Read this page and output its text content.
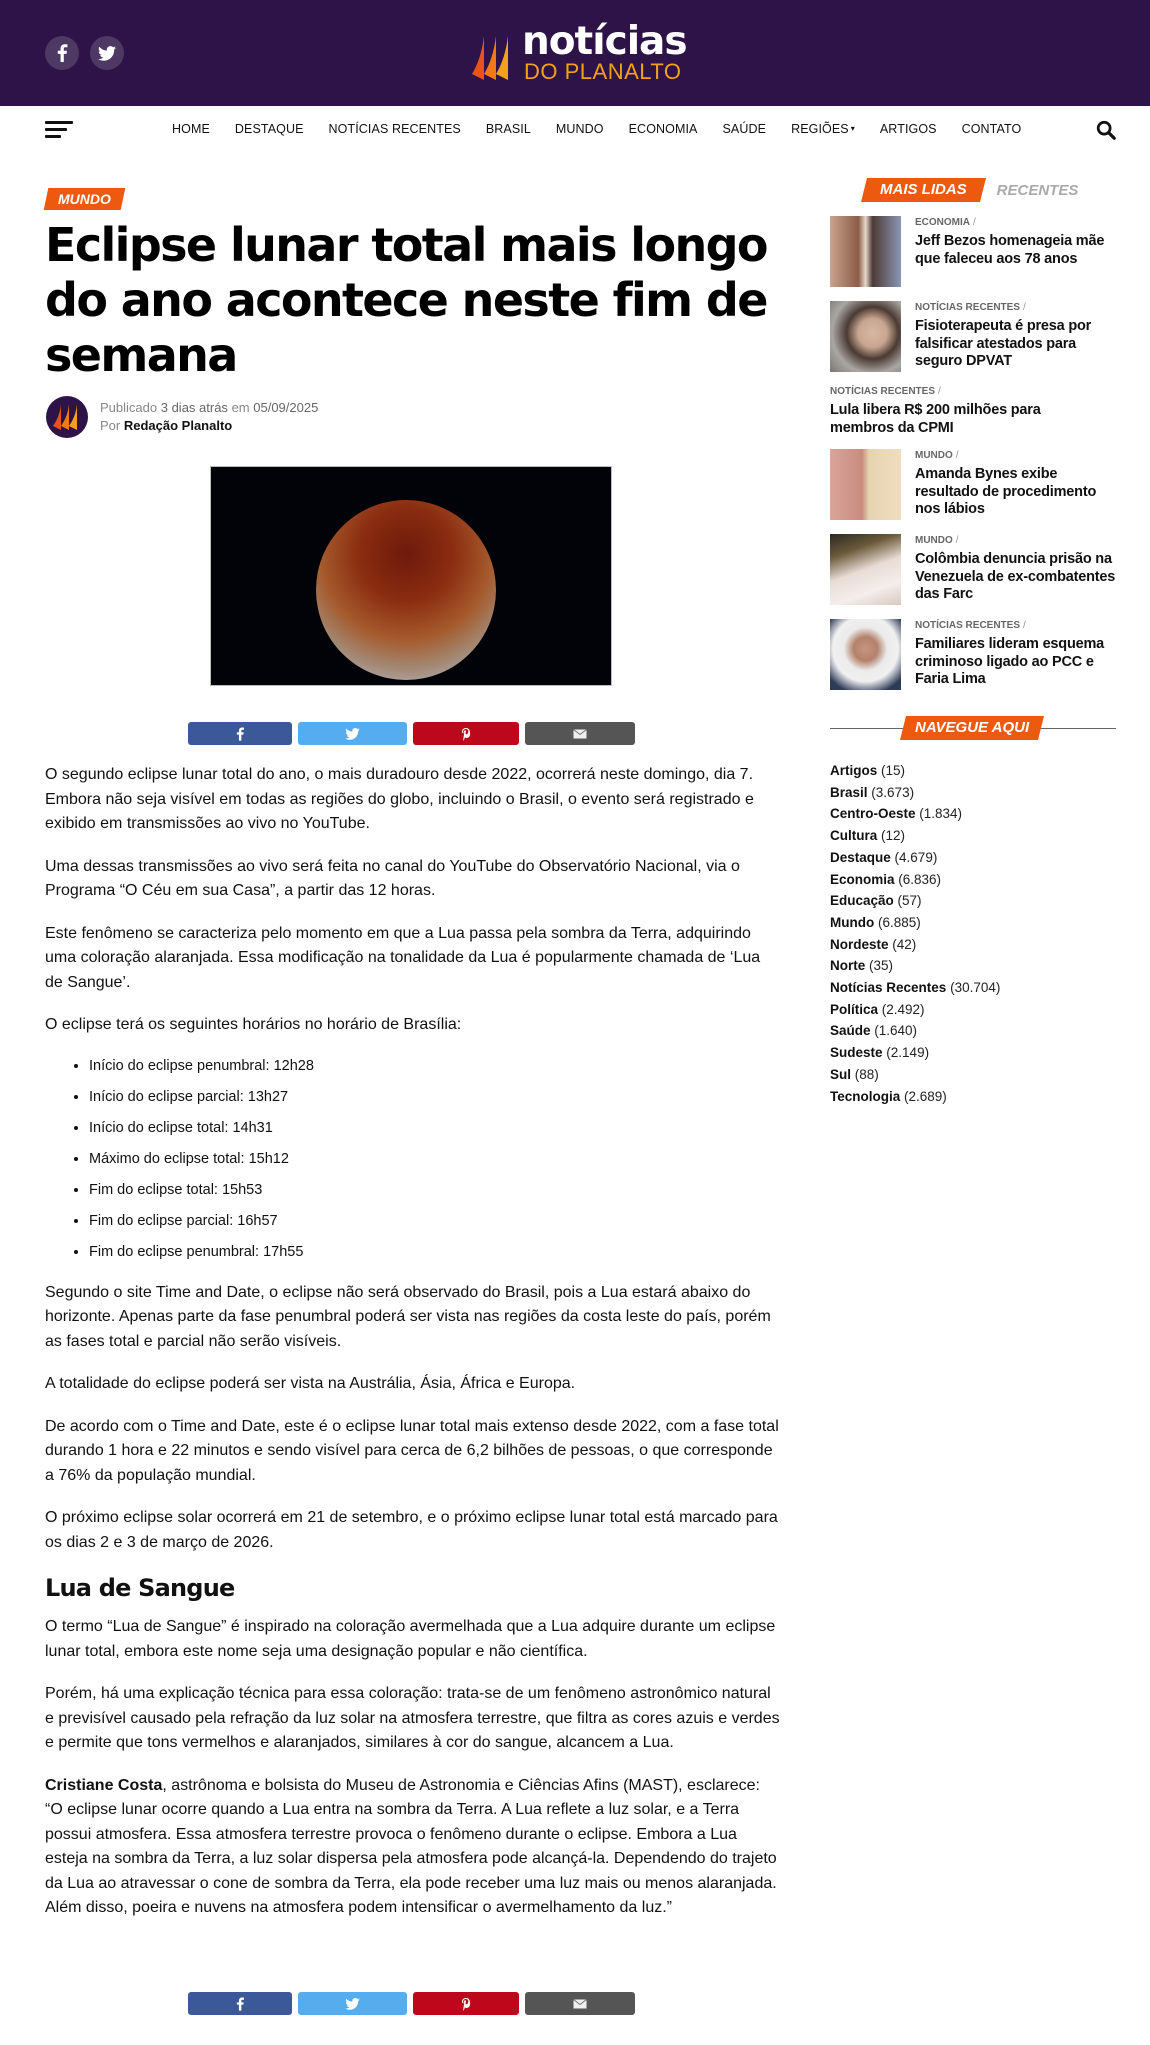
notícias
DO PLANALTO
HOME DESTAQUE NOTÍCIAS RECENTES BRASIL MUNDO ECONOMIA SAÚDE REGIÕES ▾ ARTIGOS CONTATO
MUNDO
Eclipse lunar total mais longo do ano acontece neste fim de semana
Publicado 3 dias atrás em 05/09/2025
Por Redação Planalto

O segundo eclipse lunar total do ano, o mais duradouro desde 2022, ocorrerá neste domingo, dia 7. Embora não seja visível em todas as regiões do globo, incluindo o Brasil, o evento será registrado e exibido em transmissões ao vivo no YouTube.

Uma dessas transmissões ao vivo será feita no canal do YouTube do Observatório Nacional, via o Programa “O Céu em sua Casa”, a partir das 12 horas.

Este fenômeno se caracteriza pelo momento em que a Lua passa pela sombra da Terra, adquirindo uma coloração alaranjada. Essa modificação na tonalidade da Lua é popularmente chamada de ‘Lua de Sangue’.

O eclipse terá os seguintes horários no horário de Brasília:

• Início do eclipse penumbral: 12h28
• Início do eclipse parcial: 13h27
• Início do eclipse total: 14h31
• Máximo do eclipse total: 15h12
• Fim do eclipse total: 15h53
• Fim do eclipse parcial: 16h57
• Fim do eclipse penumbral: 17h55

Segundo o site Time and Date, o eclipse não será observado do Brasil, pois a Lua estará abaixo do horizonte. Apenas parte da fase penumbral poderá ser vista nas regiões da costa leste do país, porém as fases total e parcial não serão visíveis.

A totalidade do eclipse poderá ser vista na Austrália, Ásia, África e Europa.

De acordo com o Time and Date, este é o eclipse lunar total mais extenso desde 2022, com a fase total durando 1 hora e 22 minutos e sendo visível para cerca de 6,2 bilhões de pessoas, o que corresponde a 76% da população mundial.

O próximo eclipse solar ocorrerá em 21 de setembro, e o próximo eclipse lunar total está marcado para os dias 2 e 3 de março de 2026.

Lua de Sangue

O termo “Lua de Sangue” é inspirado na coloração avermelhada que a Lua adquire durante um eclipse lunar total, embora este nome seja uma designação popular e não científica.

Porém, há uma explicação técnica para essa coloração: trata-se de um fenômeno astronômico natural e previsível causado pela refração da luz solar na atmosfera terrestre, que filtra as cores azuis e verdes e permite que tons vermelhos e alaranjados, similares à cor do sangue, alcancem a Lua.

Cristiane Costa, astrônoma e bolsista do Museu de Astronomia e Ciências Afins (MAST), esclarece: “O eclipse lunar ocorre quando a Lua entra na sombra da Terra. A Lua reflete a luz solar, e a Terra possui atmosfera. Essa atmosfera terrestre provoca o fenômeno durante o eclipse. Embora a Lua esteja na sombra da Terra, a luz solar dispersa pela atmosfera pode alcançá-la. Dependendo do trajeto da Lua ao atravessar o cone de sombra da Terra, ela pode receber uma luz mais ou menos alaranjada. Além disso, poeira e nuvens na atmosfera podem intensificar o avermelhamento da luz.”

MAIS LIDAS	RECENTES
ECONOMIA /
Jeff Bezos homenageia mãe que faleceu aos 78 anos
NOTÍCIAS RECENTES /
Fisioterapeuta é presa por falsificar atestados para seguro DPVAT
NOTÍCIAS RECENTES /
Lula libera R$ 200 milhões para membros da CPMI
MUNDO /
Amanda Bynes exibe resultado de procedimento nos lábios
MUNDO /
Colômbia denuncia prisão na Venezuela de ex-combatentes das Farc
NOTÍCIAS RECENTES /
Familiares lideram esquema criminoso ligado ao PCC e Faria Lima
NAVEGUE AQUI
Artigos (15)
Brasil (3.673)
Centro-Oeste (1.834)
Cultura (12)
Destaque (4.679)
Economia (6.836)
Educação (57)
Mundo (6.885)
Nordeste (42)
Norte (35)
Notícias Recentes (30.704)
Política (2.492)
Saúde (1.640)
Sudeste (2.149)
Sul (88)
Tecnologia (2.689)
